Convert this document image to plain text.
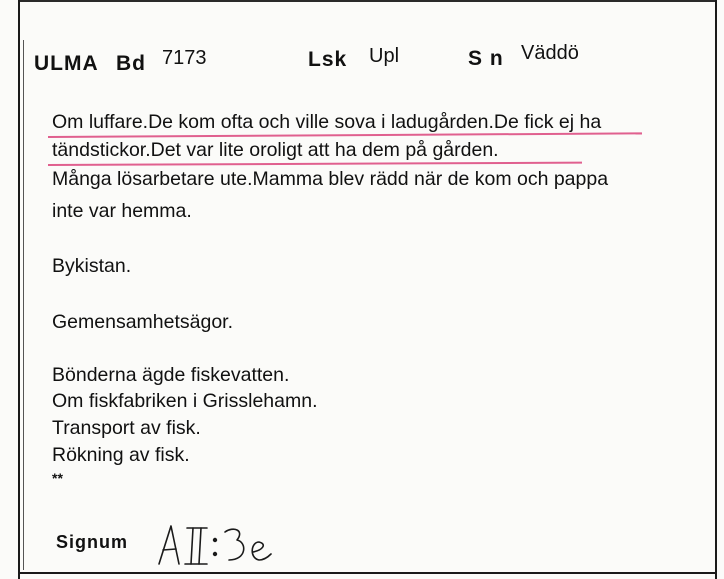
ULMA Bd 7173	Lsk Upl	S n Väddö
Om luffare.De kom ofta och ville sova i ladugården.De fick ej ha
tändstickor.Det var lite oroligt att ha dem på gården.
Många lösarbetare ute.Mamma blev rädd när de kom och pappa
inte var hemma.
Bykistan.
Gemensamhetsägor.
Bönderna ägde fiskevatten.
Om fiskfabriken i Grisslehamn.
Transport av fisk.
Rökning av fisk.
**
Signum
